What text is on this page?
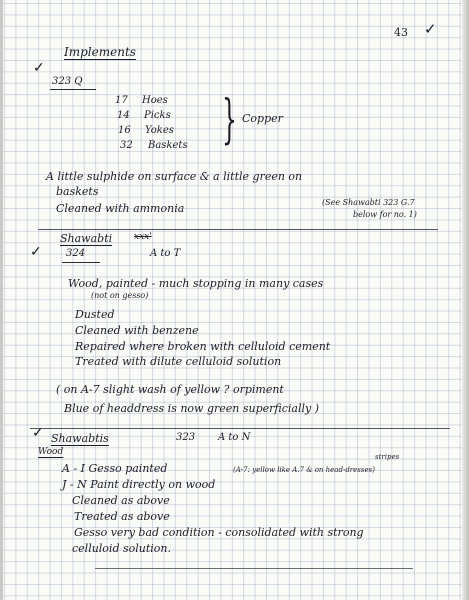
43 ✓

Implements

✓

323 Q

17 Hoes

14 Picks

16 Yokes

32 Baskets } Copper

A little sulphide on surface & a little green on

baskets

Cleaned with ammonia	(See Shawabti 323 G.7

below for no. 1)

Shawabti xxx'

✓ 324	A to T

Wood, painted - much stopping in many cases

(not on gesso)

Dusted

Cleaned with benzene

Repaired where broken with celluloid cement

Treated with dilute celluloid solution

( on A-7 slight wash of yellow ? orpiment

Blue of headdress is now green superficially )

✓ Shawabtis	323 A to N

Wood

A - I Gesso painted

stripes

(A-7: yellow like A.7 & on head-dresses)

J - N Paint directly on wood

Cleaned as above

Treated as above

Gesso very bad condition - consolidated with strong

celluloid solution.
